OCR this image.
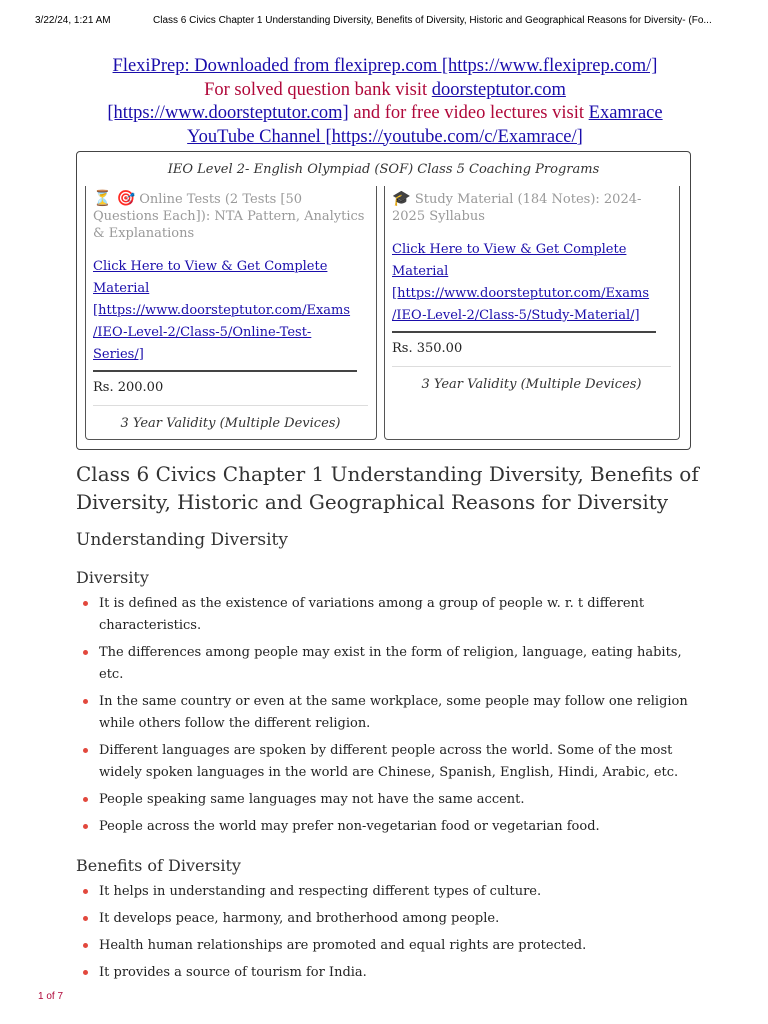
3/22/24, 1:21 AM	Class 6 Civics Chapter 1 Understanding Diversity, Benefits of Diversity, Historic and Geographical Reasons for Diversity- (Fo...
FlexiPrep: Downloaded from flexiprep.com [https://www.flexiprep.com/]
For solved question bank visit doorsteptutor.com
[https://www.doorsteptutor.com] and for free video lectures visit Examrace
YouTube Channel [https://youtube.com/c/Examrace/]
IEO Level 2- English Olympiad (SOF) Class 5 Coaching Programs
⏳ 🎯 Online Tests (2 Tests [50 Questions Each]): NTA Pattern, Analytics & Explanations
Click Here to View & Get Complete
Material
[https://www.doorsteptutor.com/Exams
/IEO-Level-2/Class-5/Online-Test-
Series/]
Rs. 200.00
3 Year Validity (Multiple Devices)
🎓 Study Material (184 Notes): 2024-2025 Syllabus
Click Here to View & Get Complete
Material
[https://www.doorsteptutor.com/Exams
/IEO-Level-2/Class-5/Study-Material/]
Rs. 350.00
3 Year Validity (Multiple Devices)
Class 6 Civics Chapter 1 Understanding Diversity, Benefits of Diversity, Historic and Geographical Reasons for Diversity
Understanding Diversity
Diversity
It is defined as the existence of variations among a group of people w. r. t different characteristics.
The differences among people may exist in the form of religion, language, eating habits, etc.
In the same country or even at the same workplace, some people may follow one religion while others follow the different religion.
Different languages are spoken by different people across the world. Some of the most widely spoken languages in the world are Chinese, Spanish, English, Hindi, Arabic, etc.
People speaking same languages may not have the same accent.
People across the world may prefer non-vegetarian food or vegetarian food.
Benefits of Diversity
It helps in understanding and respecting different types of culture.
It develops peace, harmony, and brotherhood among people.
Health human relationships are promoted and equal rights are protected.
It provides a source of tourism for India.
1 of 7
